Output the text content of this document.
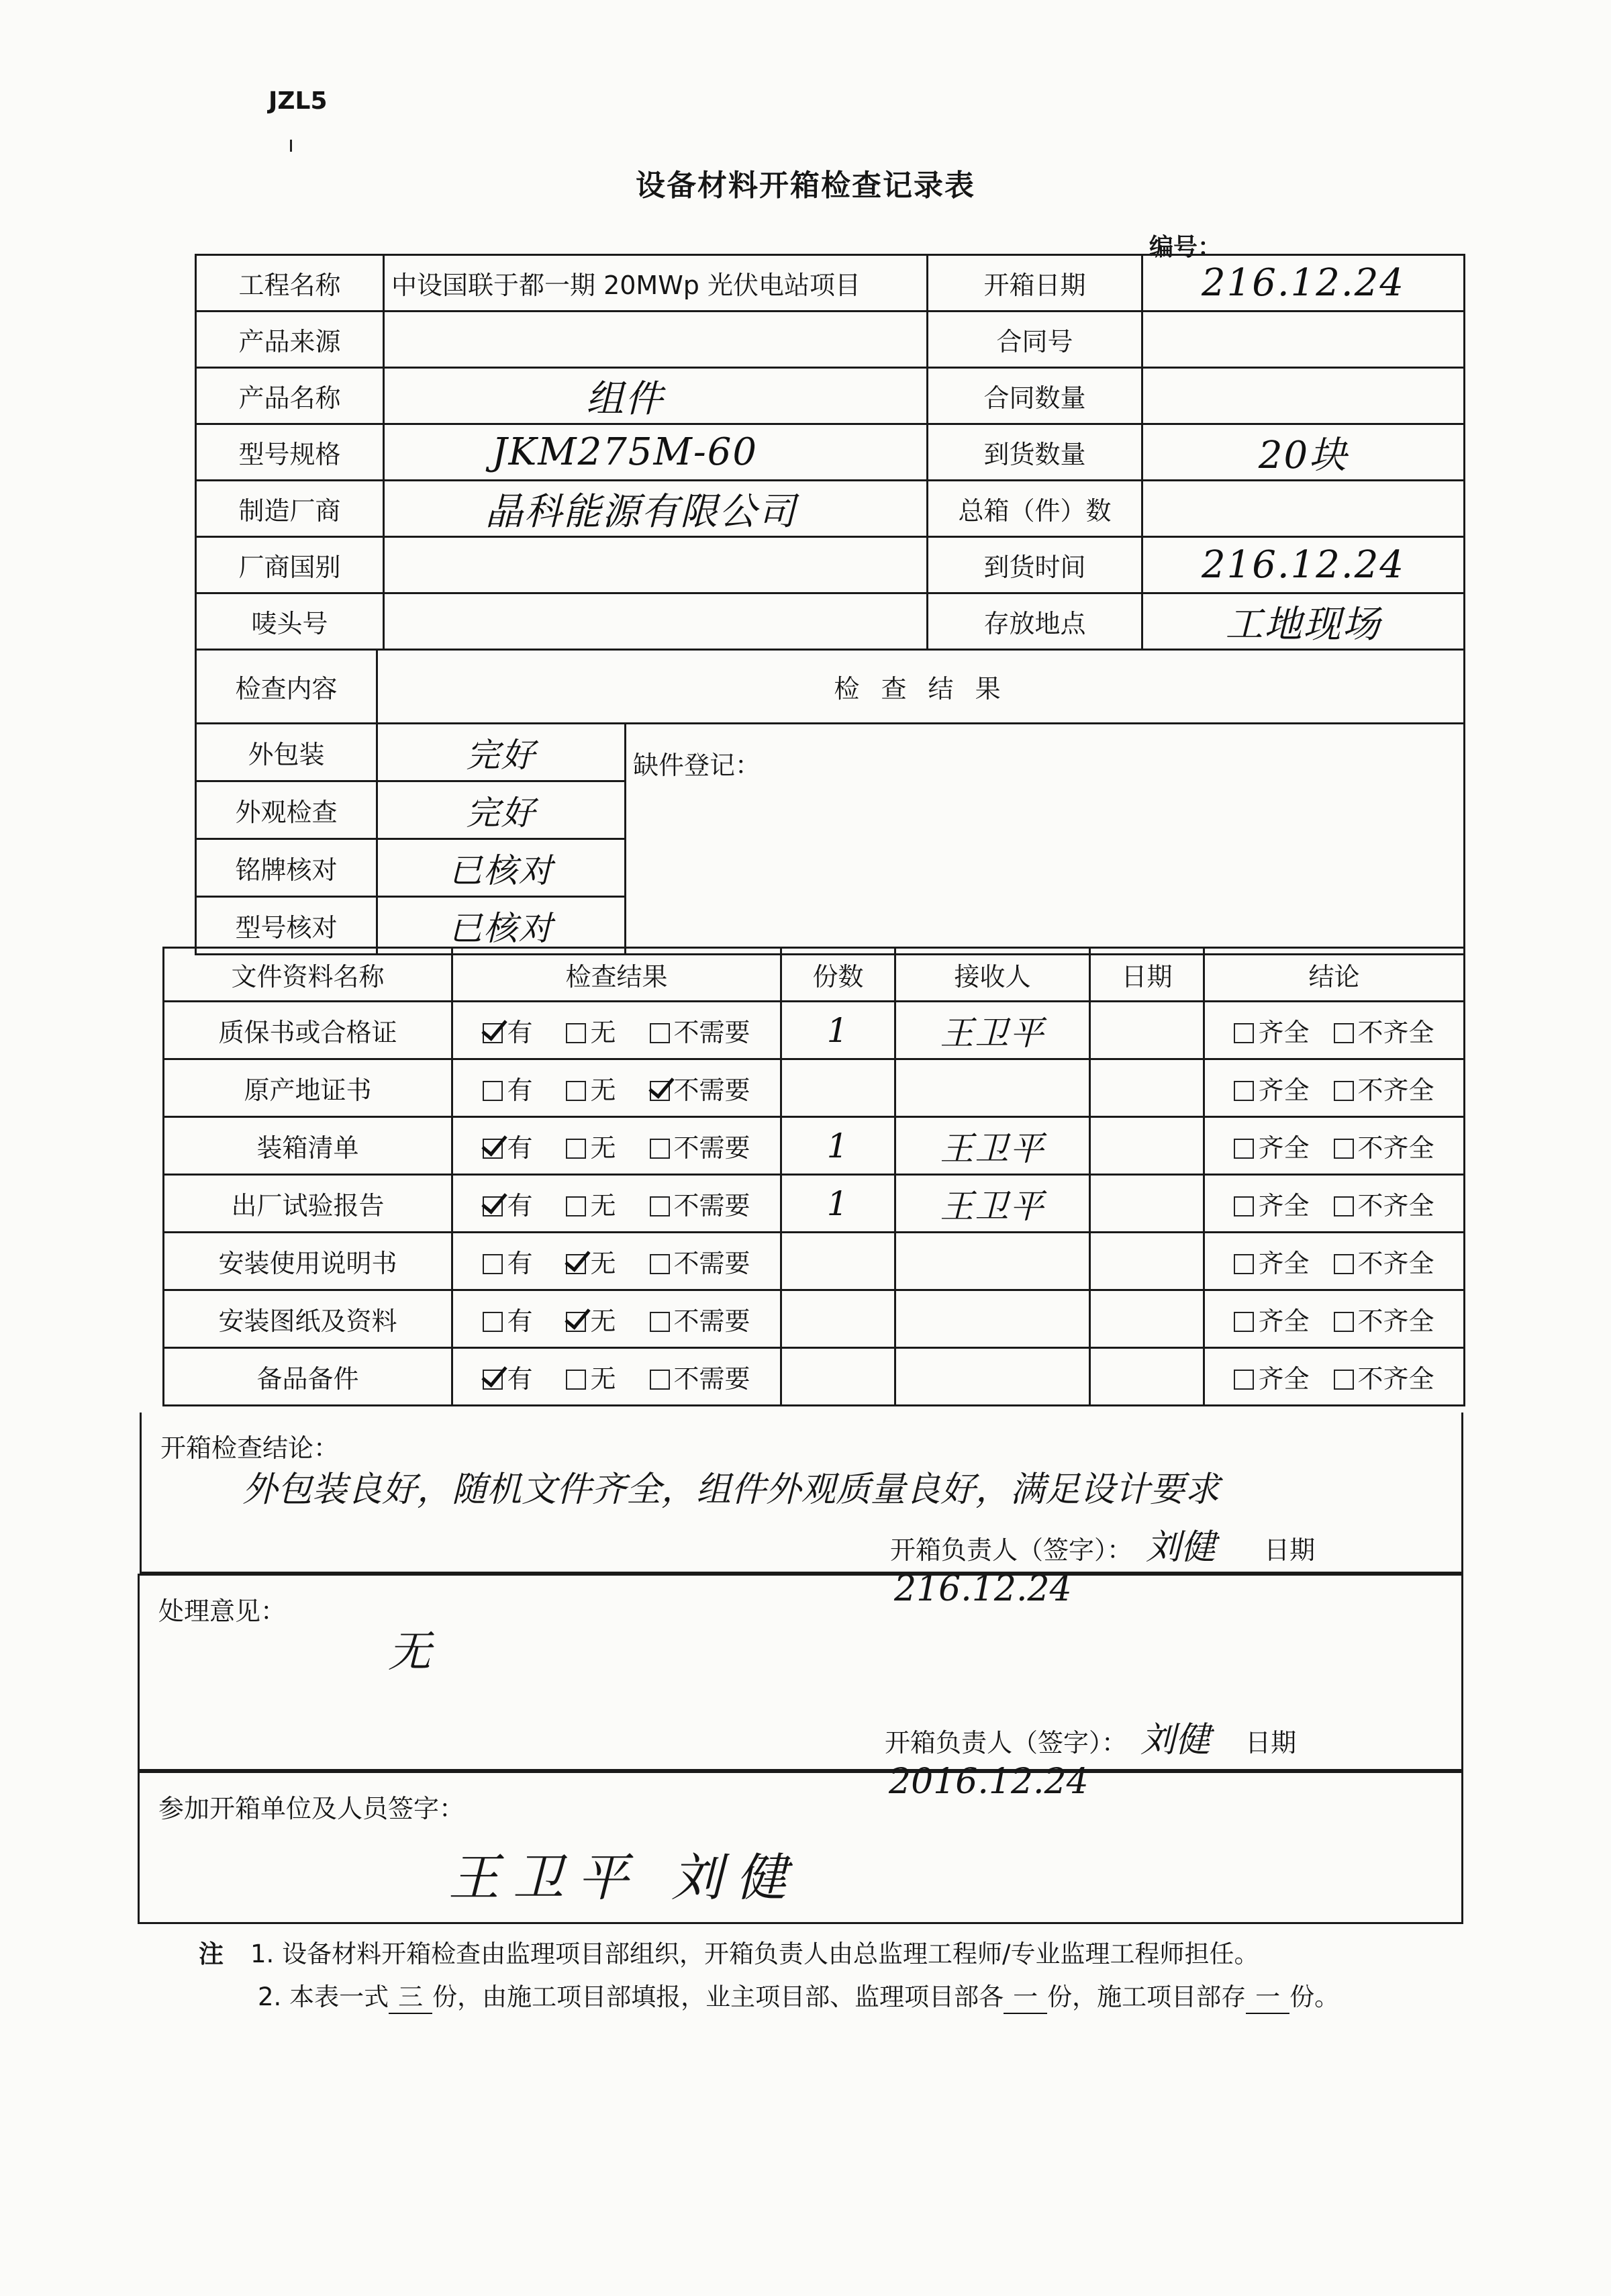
JZL5
设备材料开箱检查记录表
编号：
工程名称	中设国联于都一期 20MWp 光伏电站项目	开箱日期	216.12.24
产品来源		合同号	
产品名称	组件	合同数量	
型号规格	JKM275M-60	到货数量	20块
制造厂商	晶科能源有限公司	总箱（件）数	
厂商国别		到货时间	216.12.24
唛头号		存放地点	工地现场
检查内容	检 查 结 果	
外包装	完好	缺件登记：
外观检查	完好	
铭牌核对	已核对	
型号核对	已核对	
文件资料名称	检查结果	份数	接收人	日期	结论
质保书或合格证	有 无 不需要	1	王卫平		齐全 不齐全
原产地证书	有 无 不需要				齐全 不齐全
装箱清单	有 无 不需要	1	王卫平		齐全 不齐全
出厂试验报告	有 无 不需要	1	王卫平		齐全 不齐全
安装使用说明书	有 无 不需要				齐全 不齐全
安装图纸及资料	有 无 不需要				齐全 不齐全
备品备件	有 无 不需要				齐全 不齐全
开箱检查结论：
外包装良好，随机文件齐全，组件外观质量良好，满足设计要求
开箱负责人（签字）： 刘健 日期216.12.24
处理意见：
无
开箱负责人（签字）： 刘健 日期2016.12.24
参加开箱单位及人员签字：
王卫平 刘健
注 1. 设备材料开箱检查由监理项目部组织，开箱负责人由总监理工程师/专业监理工程师担任。
2. 本表一式 三 份，由施工项目部填报，业主项目部、监理项目部各 一 份，施工项目部存 一 份。
